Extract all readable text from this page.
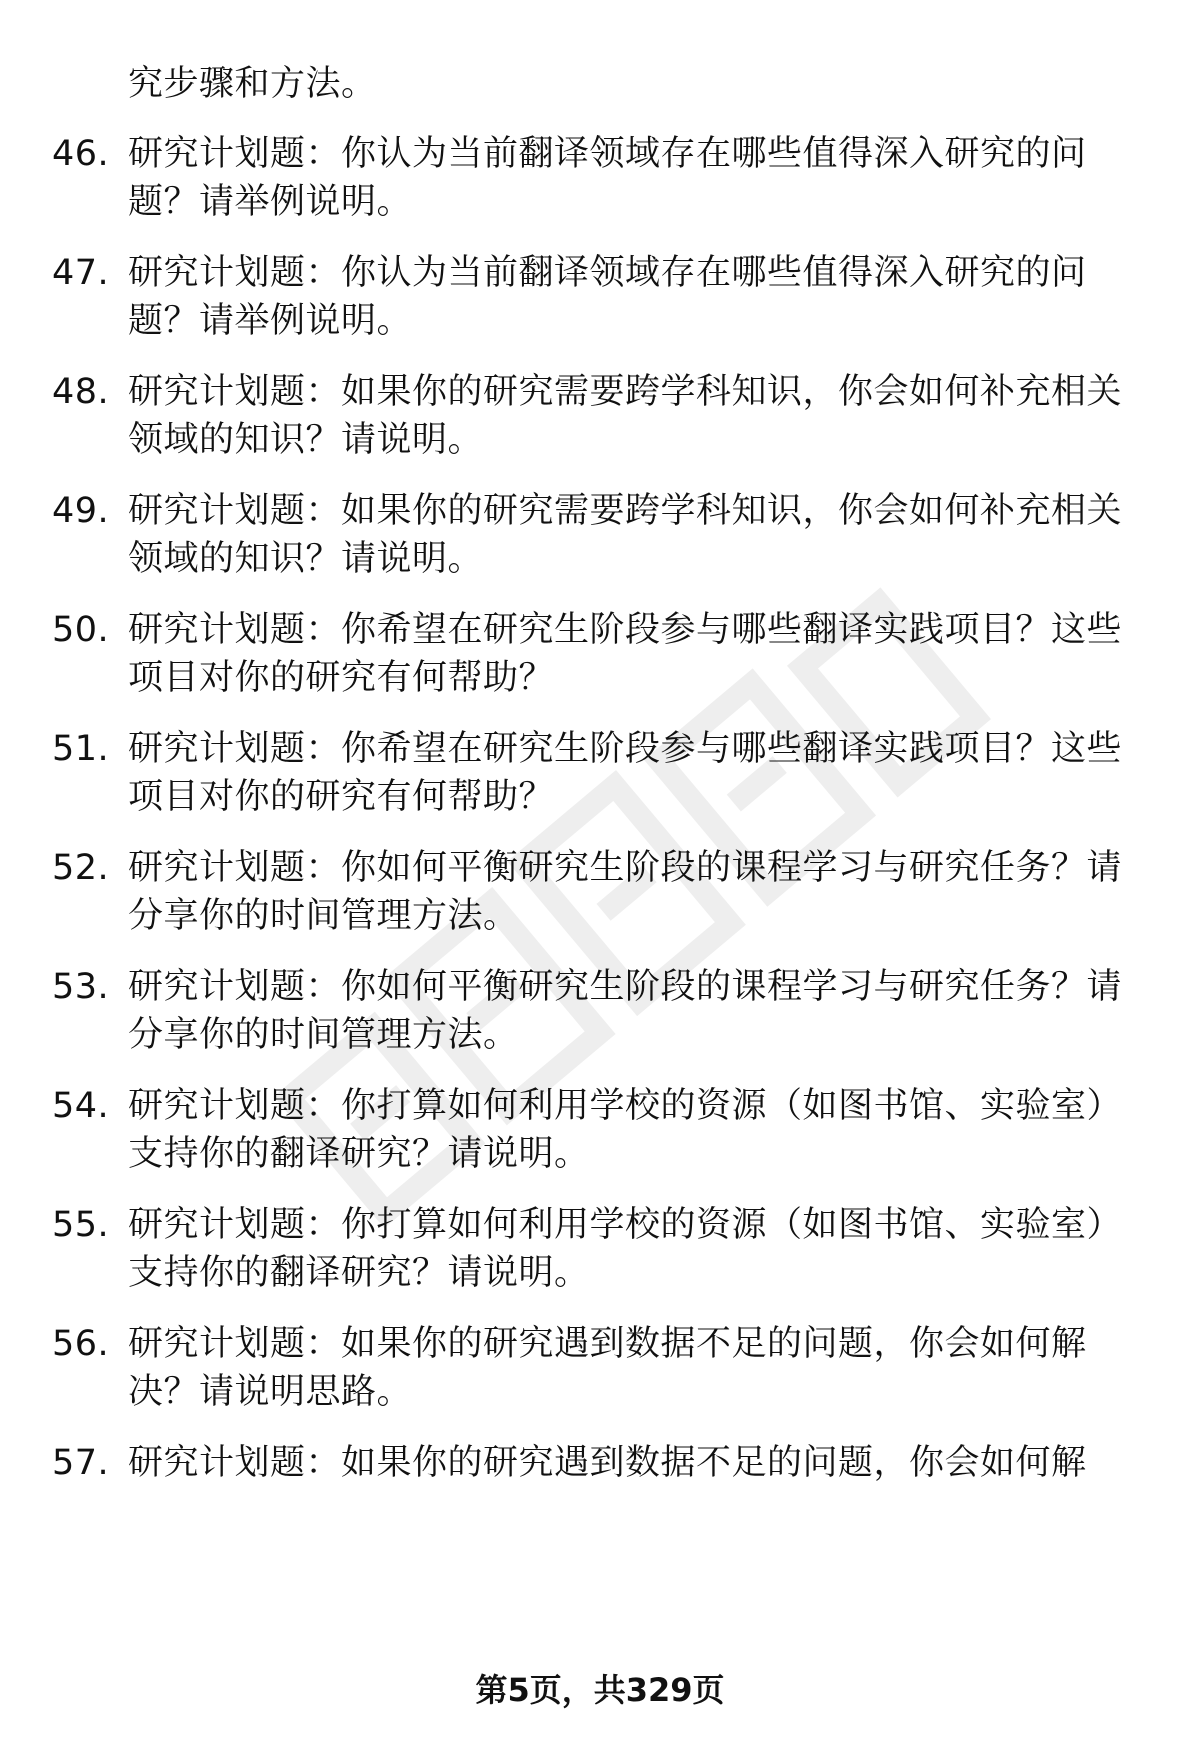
究步骤和方法。
46. 研究计划题：你认为当前翻译领域存在哪些值得深入研究的问
题？请举例说明。
47. 研究计划题：你认为当前翻译领域存在哪些值得深入研究的问
题？请举例说明。
48. 研究计划题：如果你的研究需要跨学科知识，你会如何补充相关
领域的知识？请说明。
49. 研究计划题：如果你的研究需要跨学科知识，你会如何补充相关
领域的知识？请说明。
50. 研究计划题：你希望在研究生阶段参与哪些翻译实践项目？这些
项目对你的研究有何帮助？
51. 研究计划题：你希望在研究生阶段参与哪些翻译实践项目？这些
项目对你的研究有何帮助？
52. 研究计划题：你如何平衡研究生阶段的课程学习与研究任务？请
分享你的时间管理方法。
53. 研究计划题：你如何平衡研究生阶段的课程学习与研究任务？请
分享你的时间管理方法。
54. 研究计划题：你打算如何利用学校的资源（如图书馆、实验室）
支持你的翻译研究？请说明。
55. 研究计划题：你打算如何利用学校的资源（如图书馆、实验室）
支持你的翻译研究？请说明。
56. 研究计划题：如果你的研究遇到数据不足的问题，你会如何解
决？请说明思路。
57. 研究计划题：如果你的研究遇到数据不足的问题，你会如何解
第5页，共329页
